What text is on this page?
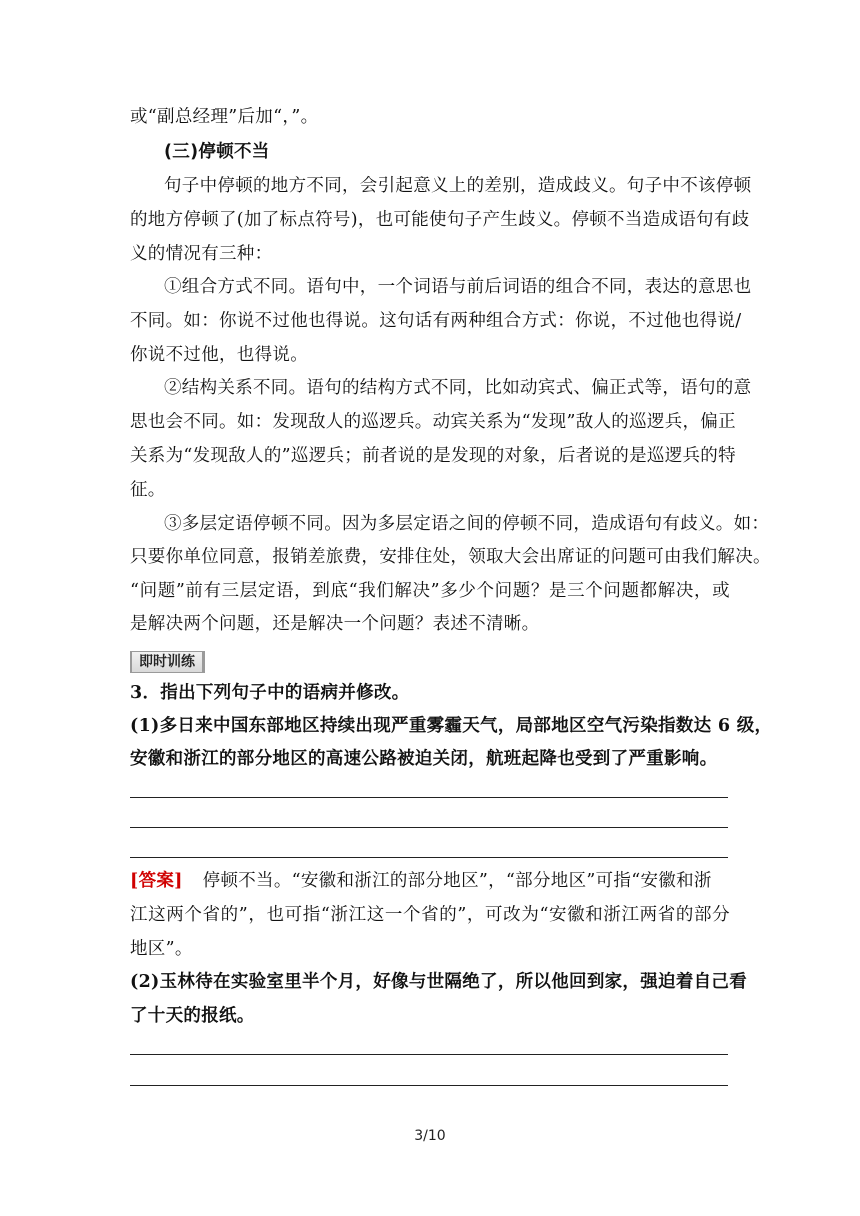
或“副总经理”后加“，”。
(三)停顿不当
句子中停顿的地方不同，会引起意义上的差别，造成歧义。句子中不该停顿
的地方停顿了(加了标点符号)，也可能使句子产生歧义。停顿不当造成语句有歧
义的情况有三种：
①组合方式不同。语句中，一个词语与前后词语的组合不同，表达的意思也
不同。如：你说不过他也得说。这句话有两种组合方式：你说，不过他也得说/
你说不过他，也得说。
②结构关系不同。语句的结构方式不同，比如动宾式、偏正式等，语句的意
思也会不同。如：发现敌人的巡逻兵。动宾关系为“发现”敌人的巡逻兵，偏正
关系为“发现敌人的”巡逻兵；前者说的是发现的对象，后者说的是巡逻兵的特
征。
③多层定语停顿不同。因为多层定语之间的停顿不同，造成语句有歧义。如：
只要你单位同意，报销差旅费，安排住处，领取大会出席证的问题可由我们解决。
“问题”前有三层定语，到底“我们解决”多少个问题？是三个问题都解决，或
是解决两个问题，还是解决一个问题？表述不清晰。
即时训练
3．指出下列句子中的语病并修改。
(1)多日来中国东部地区持续出现严重雾霾天气，局部地区空气污染指数达 6 级，
安徽和浙江的部分地区的高速公路被迫关闭，航班起降也受到了严重影响。
[答案] 停顿不当。“安徽和浙江的部分地区”，“部分地区”可指“安徽和浙
江这两个省的”，也可指“浙江这一个省的”，可改为“安徽和浙江两省的部分
地区”。
(2)玉林待在实验室里半个月，好像与世隔绝了，所以他回到家，强迫着自己看
了十天的报纸。
3/10
